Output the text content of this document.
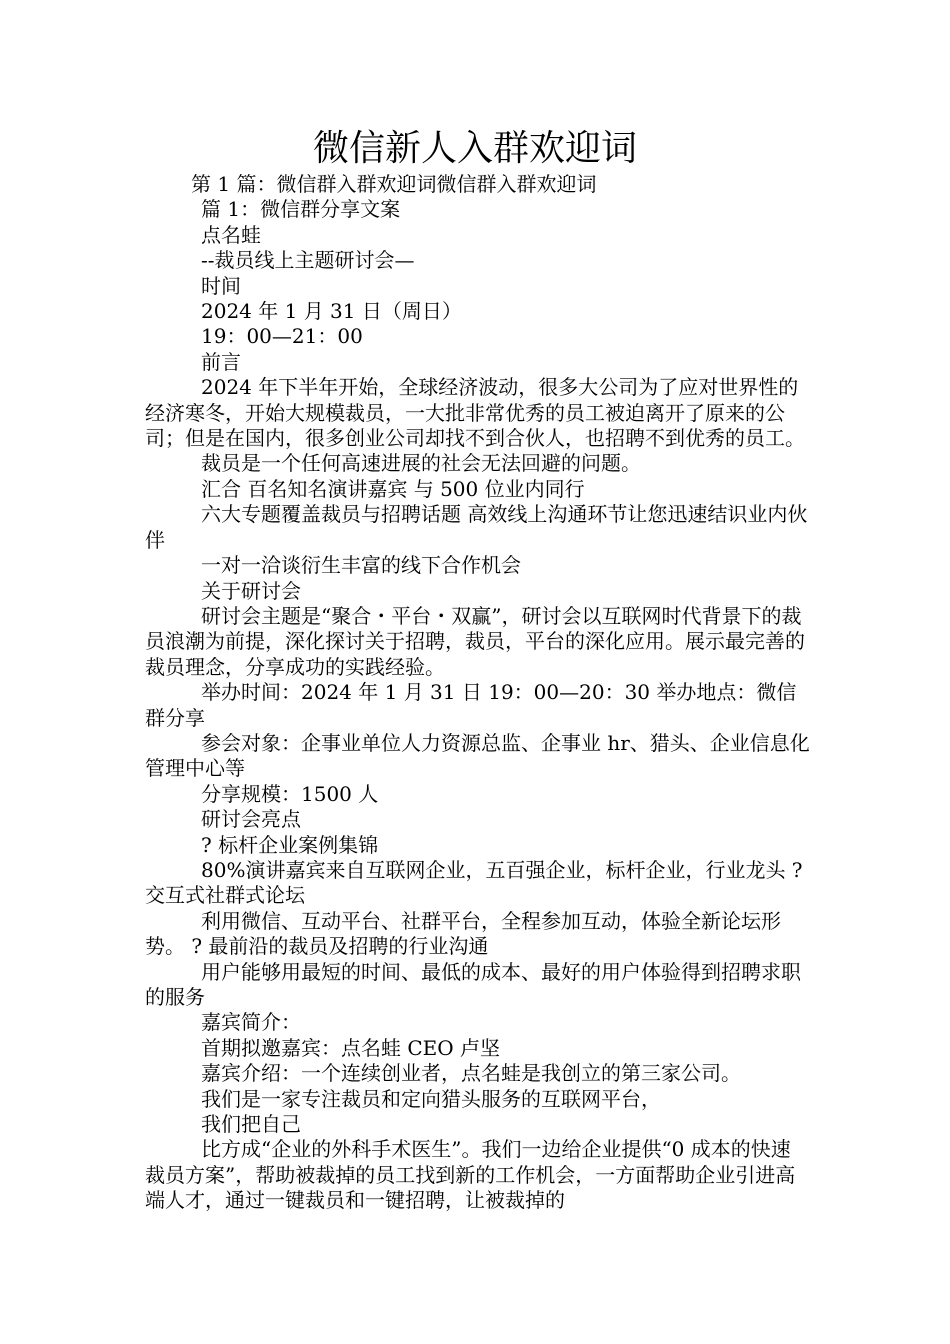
微信新人入群欢迎词

第 1 篇：微信群入群欢迎词微信群入群欢迎词

篇 1：微信群分享文案

点名蛙

--裁员线上主题研讨会—

时间

2024 年 1 月 31 日（周日）

19：00—21：00

前言

2024 年下半年开始，全球经济波动，很多大公司为了应对世界性的经济寒冬，开始大规模裁员，一大批非常优秀的员工被迫离开了原来的公司；但是在国内，很多创业公司却找不到合伙人，也招聘不到优秀的员工。

裁员是一个任何高速进展的社会无法回避的问题。

汇合 百名知名演讲嘉宾 与 500 位业内同行

六大专题覆盖裁员与招聘话题 高效线上沟通环节让您迅速结识业内伙伴

一对一洽谈衍生丰富的线下合作机会

关于研讨会

研讨会主题是“聚合・平台・双赢”，研讨会以互联网时代背景下的裁员浪潮为前提，深化探讨关于招聘，裁员，平台的深化应用。展示最完善的裁员理念，分享成功的实践经验。

举办时间：2024 年 1 月 31 日 19：00—20：30 举办地点：微信群分享

参会对象：企事业单位人力资源总监、企事业 hr、猎头、企业信息化管理中心等

分享规模：1500 人

研讨会亮点

? 标杆企业案例集锦

80%演讲嘉宾来自互联网企业，五百强企业，标杆企业，行业龙头 ? 交互式社群式论坛

利用微信、互动平台、社群平台，全程参加互动，体验全新论坛形势。 ? 最前沿的裁员及招聘的行业沟通

用户能够用最短的时间、最低的成本、最好的用户体验得到招聘求职的服务

嘉宾简介：

首期拟邀嘉宾：点名蛙 CEO 卢坚

嘉宾介绍：一个连续创业者，点名蛙是我创立的第三家公司。

我们是一家专注裁员和定向猎头服务的互联网平台，

我们把自己

比方成“企业的外科手术医生”。我们一边给企业提供“0 成本的快速裁员方案”，帮助被裁掉的员工找到新的工作机会，一方面帮助企业引进高端人才，通过一键裁员和一键招聘，让被裁掉的
